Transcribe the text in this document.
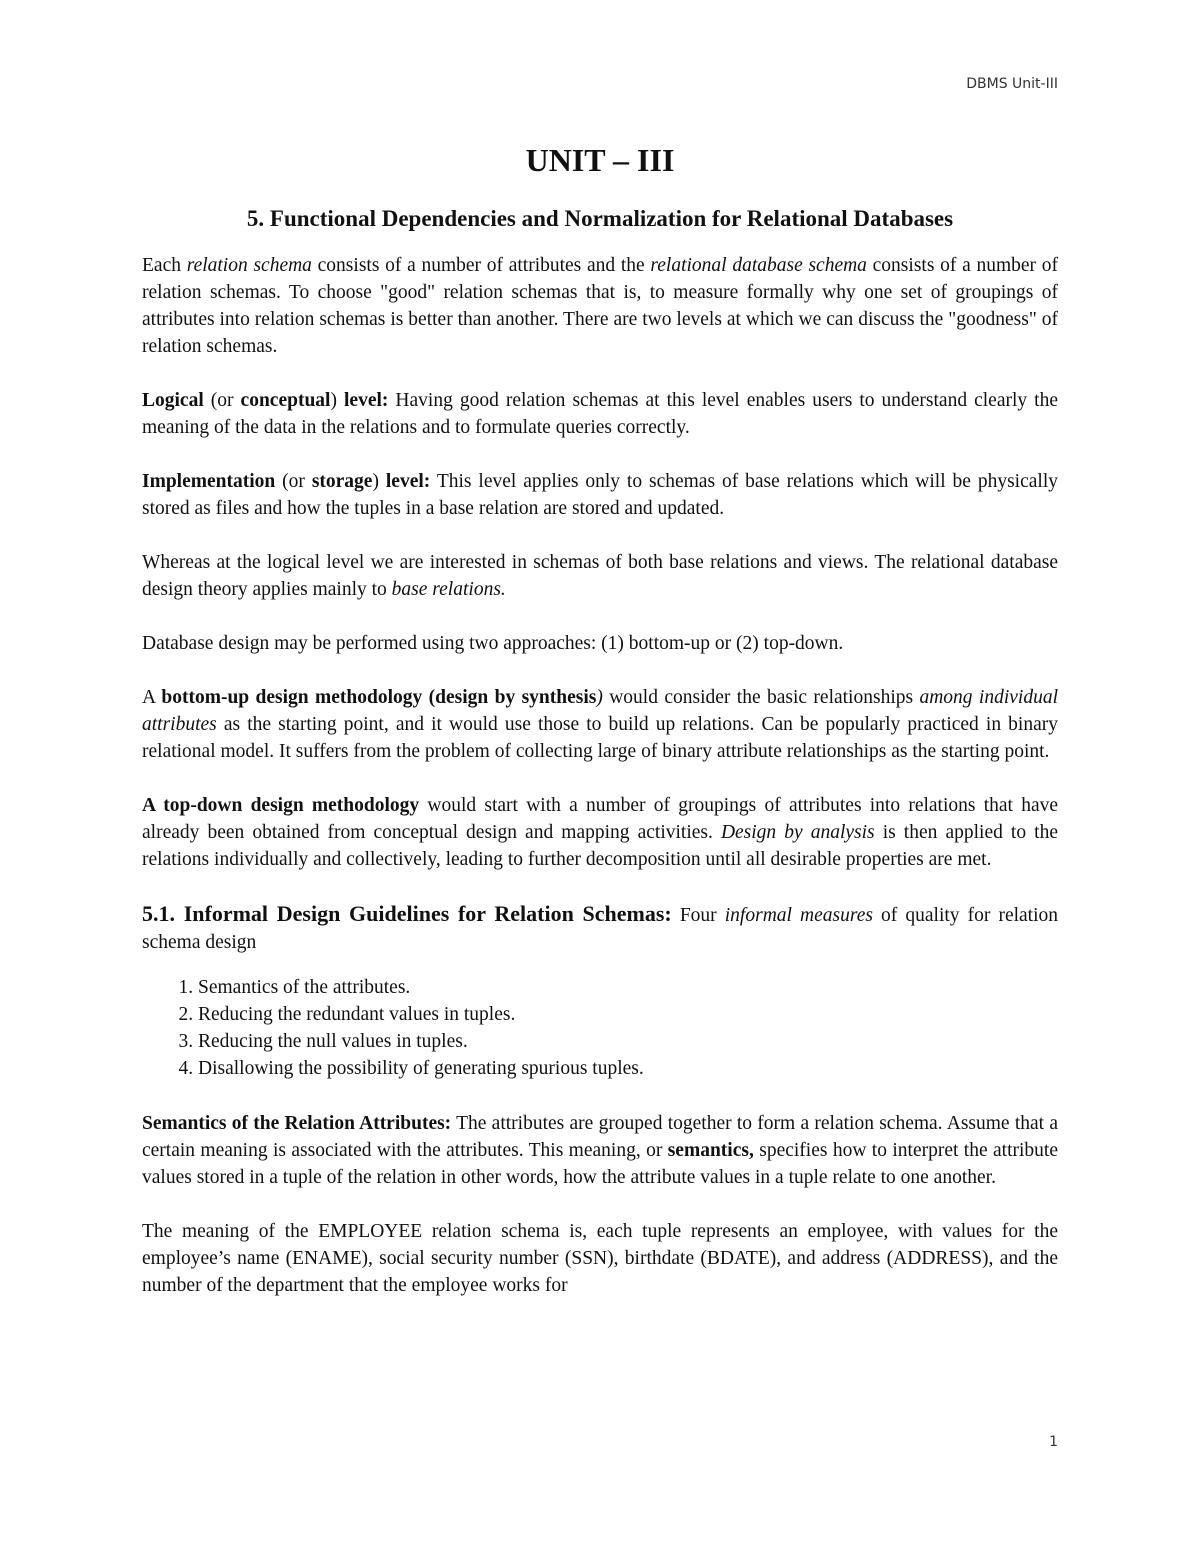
DBMS Unit-III
UNIT – III
5. Functional Dependencies and Normalization for Relational Databases

Each relation schema consists of a number of attributes and the relational database schema consists of a number of relation schemas. To choose "good" relation schemas that is, to measure formally why one set of groupings of attributes into relation schemas is better than another. There are two levels at which we can discuss the "goodness" of relation schemas.

Logical (or conceptual) level: Having good relation schemas at this level enables users to understand clearly the meaning of the data in the relations and to formulate queries correctly.

Implementation (or storage) level: This level applies only to schemas of base relations which will be physically stored as files and how the tuples in a base relation are stored and updated.

Whereas at the logical level we are interested in schemas of both base relations and views. The relational database design theory applies mainly to base relations.

Database design may be performed using two approaches: (1) bottom-up or (2) top-down.

A bottom-up design methodology (design by synthesis) would consider the basic relationships among individual attributes as the starting point, and it would use those to build up relations. Can be popularly practiced in binary relational model. It suffers from the problem of collecting large of binary attribute relationships as the starting point.

A top-down design methodology would start with a number of groupings of attributes into relations that have already been obtained from conceptual design and mapping activities. Design by analysis is then applied to the relations individually and collectively, leading to further decomposition until all desirable properties are met.

5.1. Informal Design Guidelines for Relation Schemas: Four informal measures of quality for relation schema design

1. Semantics of the attributes.
2. Reducing the redundant values in tuples.
3. Reducing the null values in tuples.
4. Disallowing the possibility of generating spurious tuples.

Semantics of the Relation Attributes: The attributes are grouped together to form a relation schema. Assume that a certain meaning is associated with the attributes. This meaning, or semantics, specifies how to interpret the attribute values stored in a tuple of the relation in other words, how the attribute values in a tuple relate to one another.

The meaning of the EMPLOYEE relation schema is, each tuple represents an employee, with values for the employee’s name (ENAME), social security number (SSN), birthdate (BDATE), and address (ADDRESS), and the number of the department that the employee works for

1
